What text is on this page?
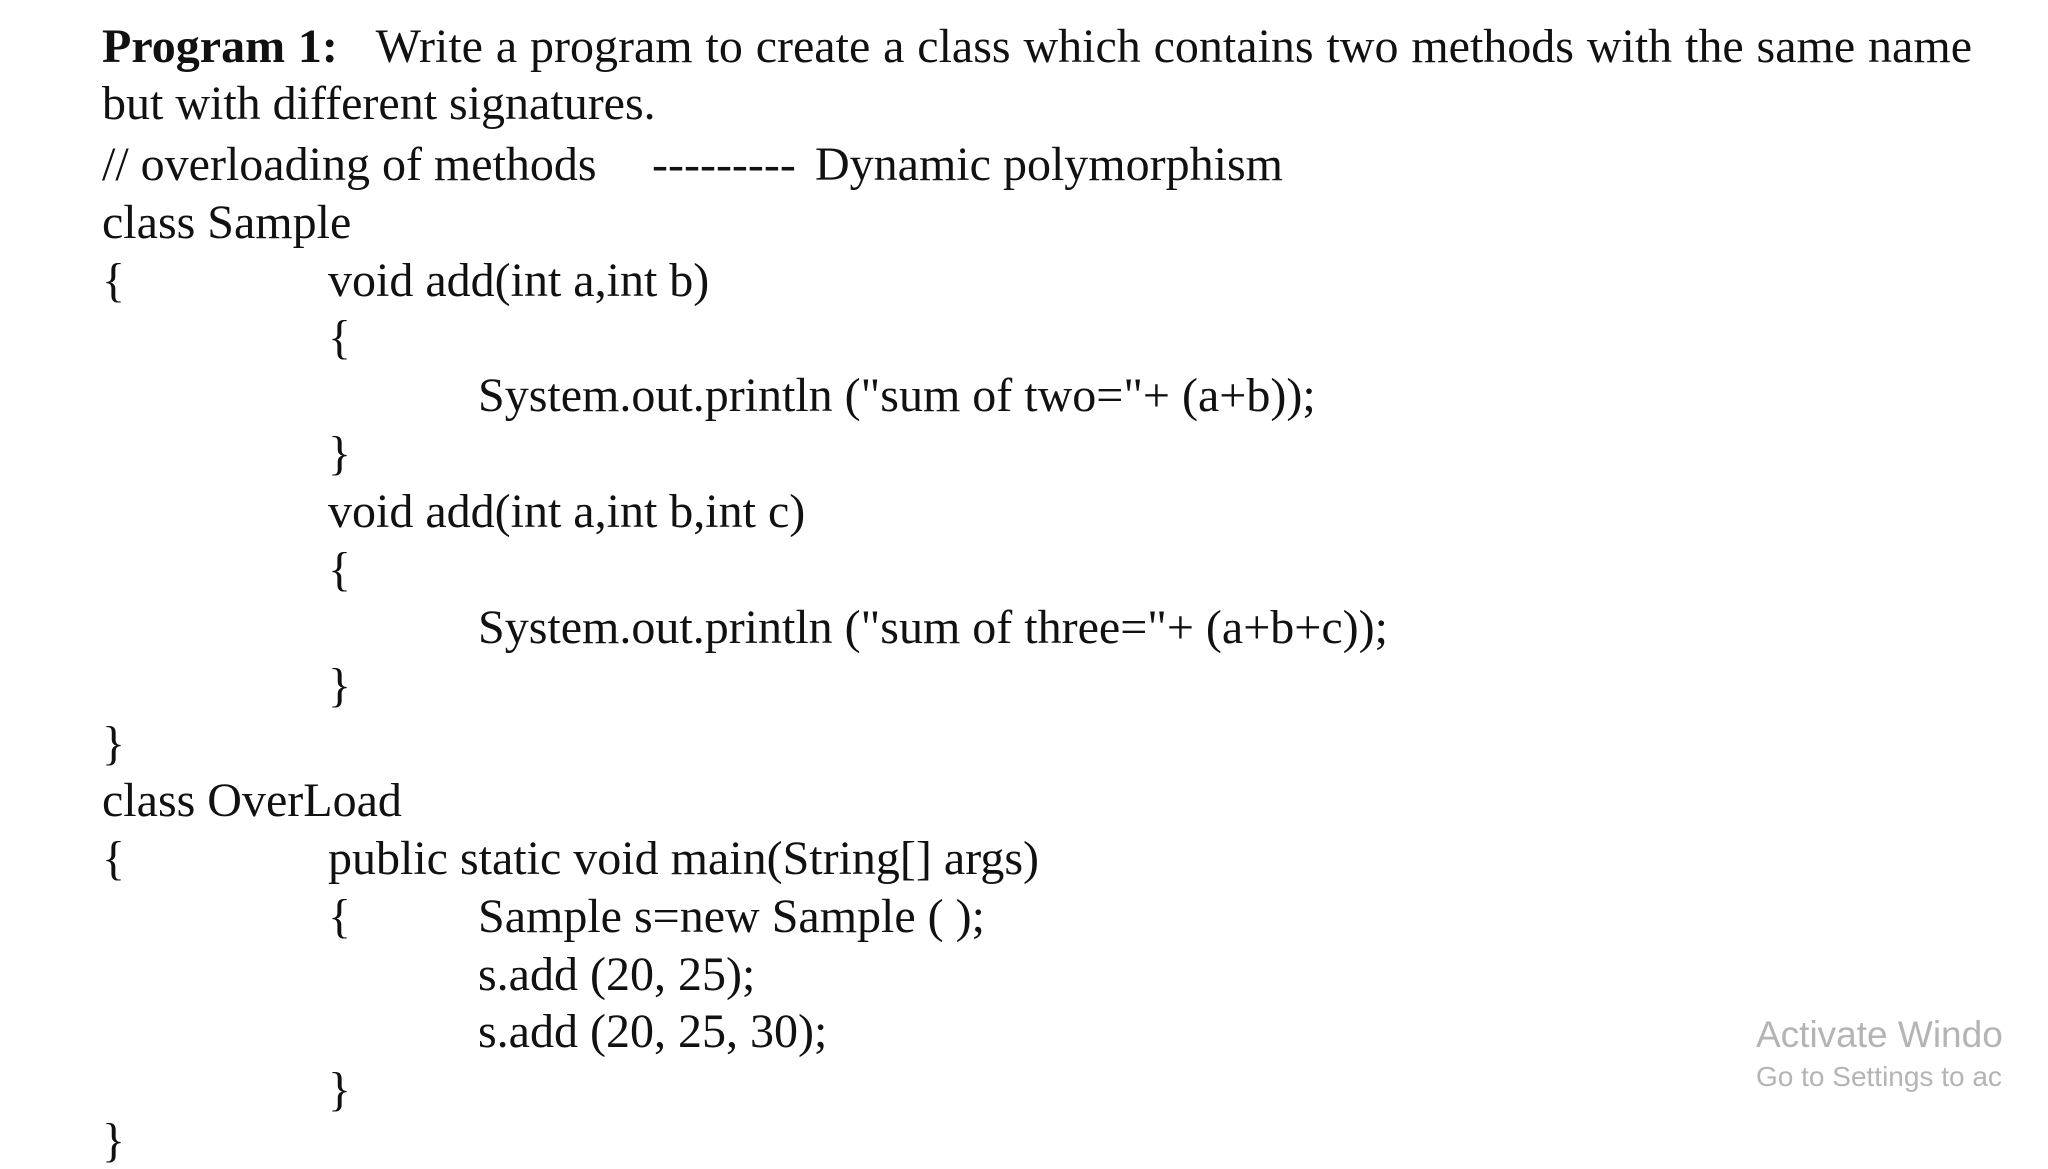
Program 1: Write a program to create a class which contains two methods with the same name but with different signatures.

// overloading of methods --------- Dynamic polymorphism
class Sample
{	void add(int a,int b)
{
System.out.println ("sum of two="+ (a+b));
}
void add(int a,int b,int c)
{
System.out.println ("sum of three="+ (a+b+c));
}
}
class OverLoad
{	public static void main(String[] args)
{	Sample s=new Sample ( );
s.add (20, 25);
s.add (20, 25, 30);
}
}
Activate Windo
Go to Settings to ac
